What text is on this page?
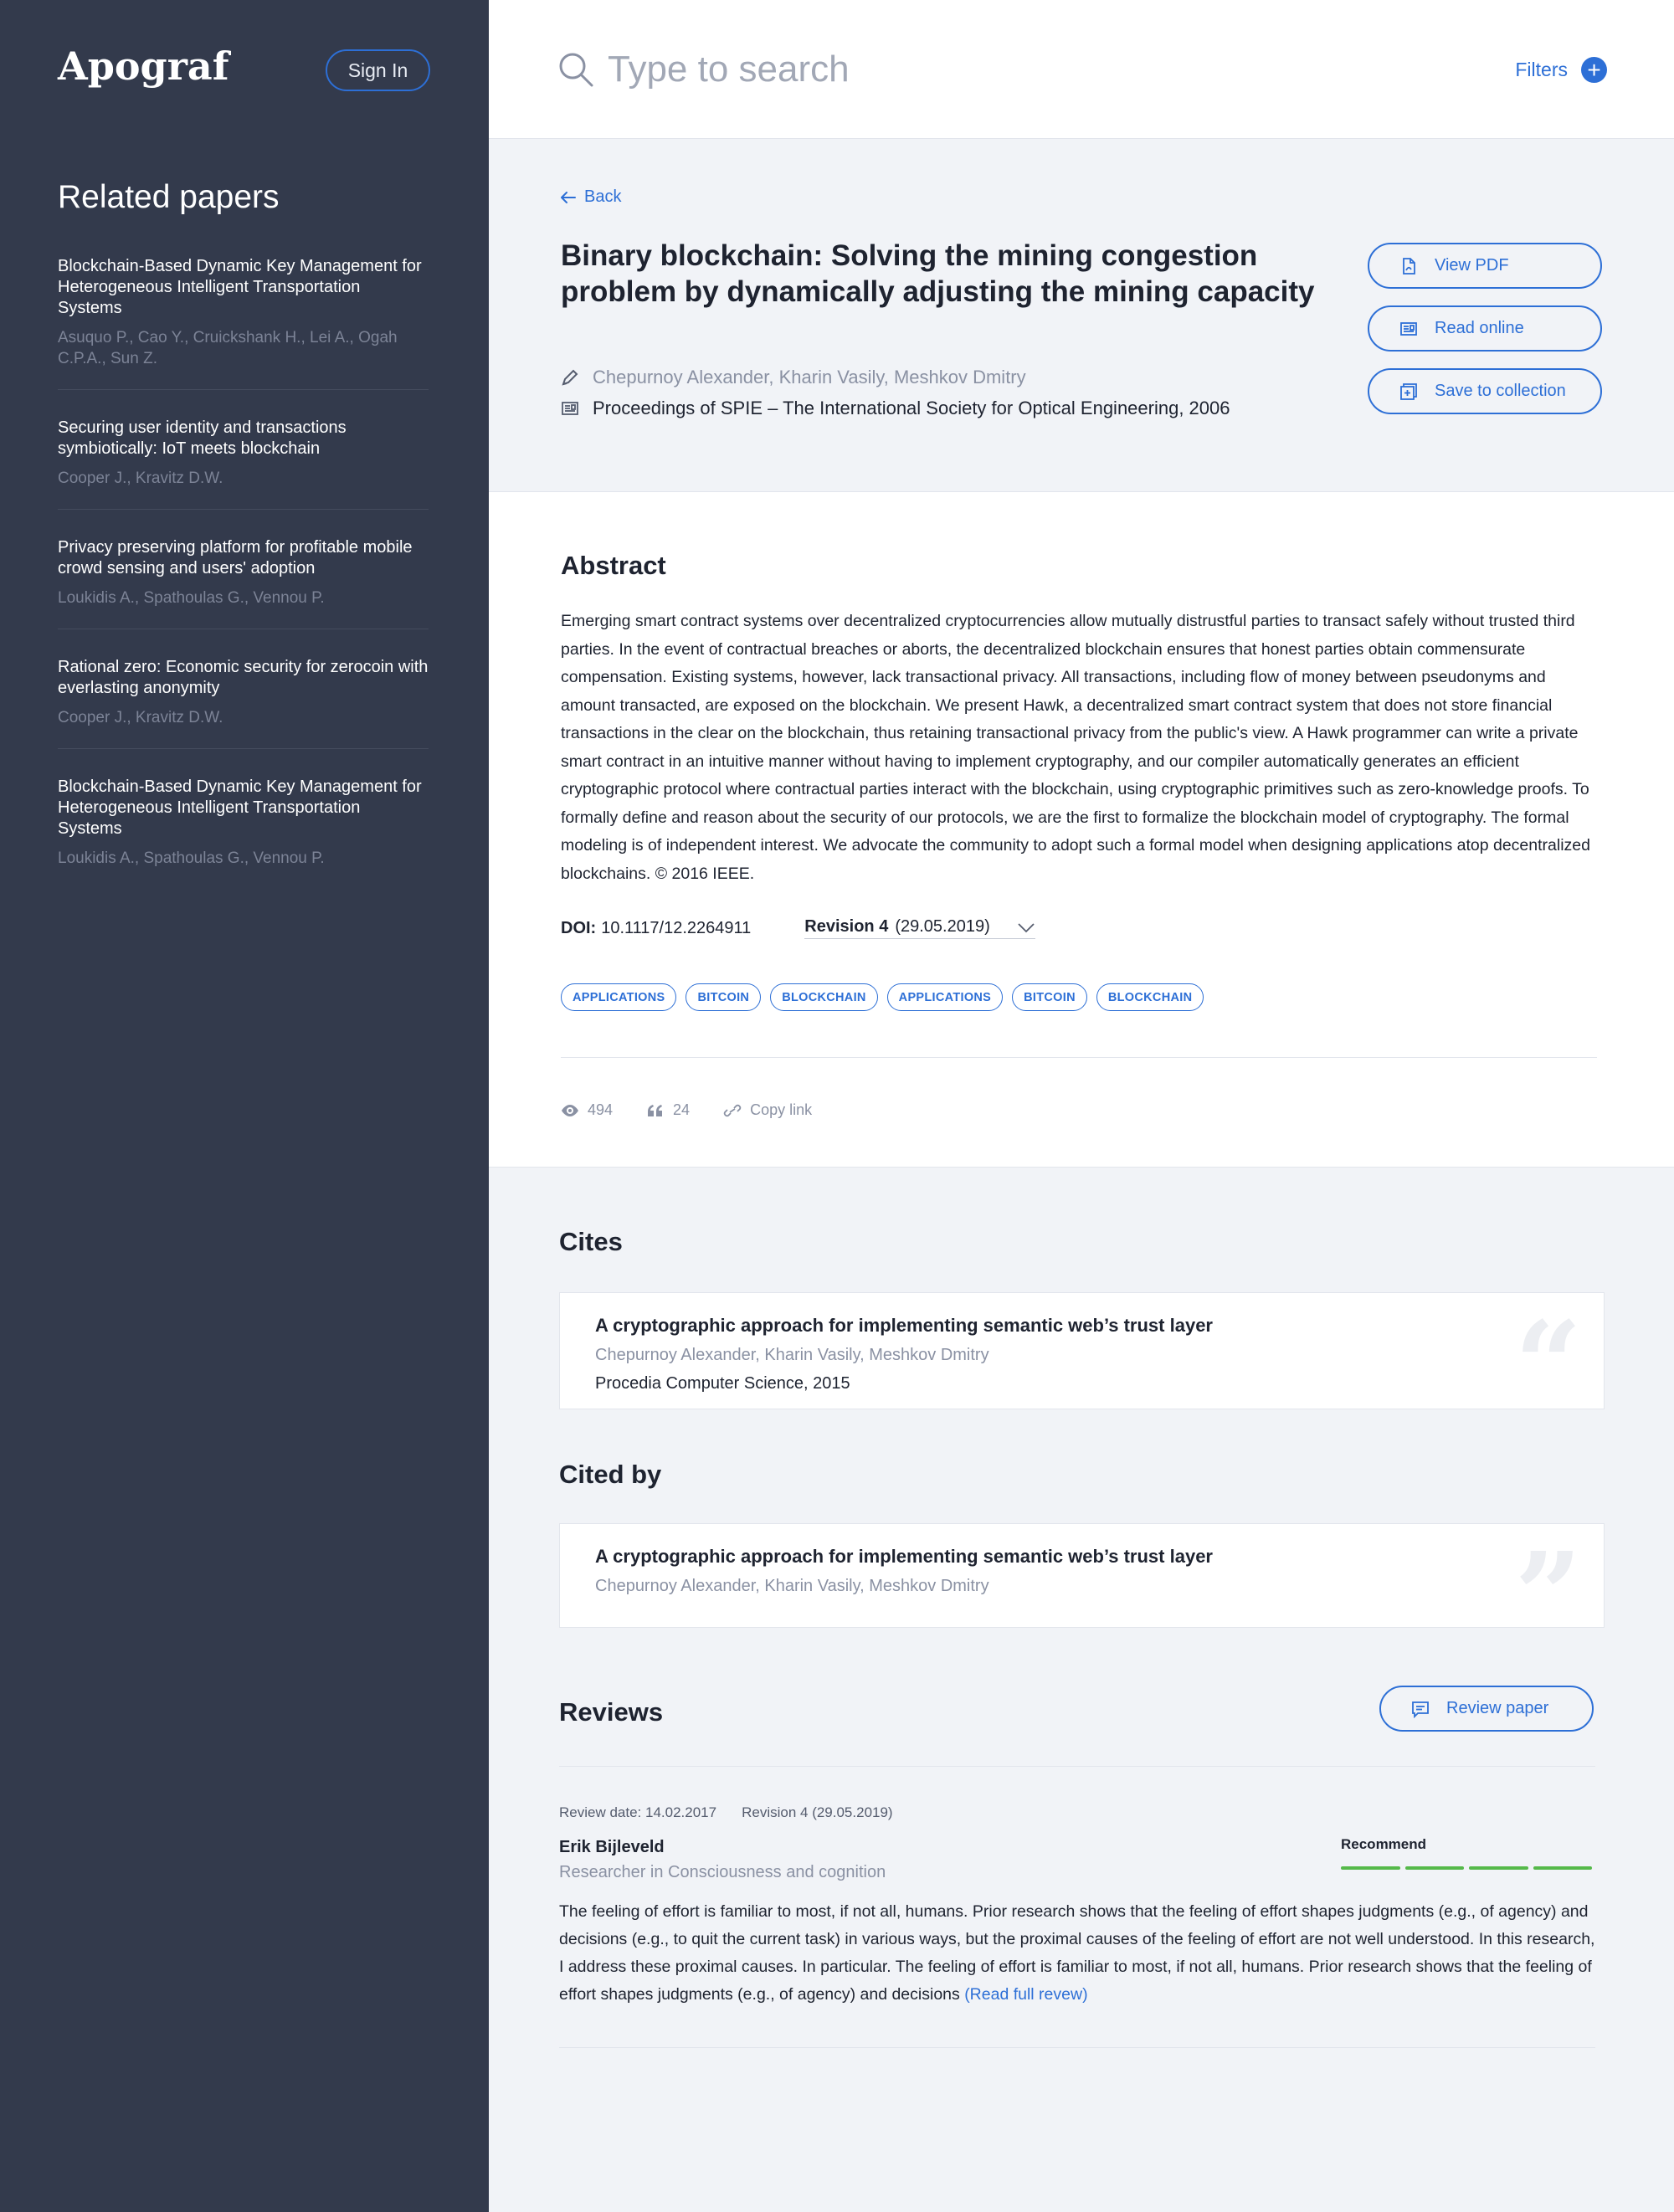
Apograf	Sign In
Related papers
Blockchain-Based Dynamic Key Management for Heterogeneous Intelligent Transportation Systems
Asuquo P., Cao Y., Cruickshank H., Lei A., Ogah C.P.A., Sun Z.
Securing user identity and transactions symbiotically: IoT meets blockchain
Cooper J., Kravitz D.W.
Privacy preserving platform for profitable mobile crowd sensing and users' adoption
Loukidis A., Spathoulas G., Vennou P.
Rational zero: Economic security for zerocoin with everlasting anonymity
Cooper J., Kravitz D.W.
Blockchain-Based Dynamic Key Management for Heterogeneous Intelligent Transportation Systems
Loukidis A., Spathoulas G., Vennou P.
Type to search
Filters +
Back
Binary blockchain: Solving the mining congestion problem by dynamically adjusting the mining capacity
Chepurnoy Alexander, Kharin Vasily, Meshkov Dmitry
Proceedings of SPIE – The International Society for Optical Engineering, 2006
View PDF
Read online
Save to collection
Abstract

Emerging smart contract systems over decentralized cryptocurrencies allow mutually distrustful parties to transact safely without trusted third parties. In the event of contractual breaches or aborts, the decentralized blockchain ensures that honest parties obtain commensurate compensation. Existing systems, however, lack transactional privacy. All transactions, including flow of money between pseudonyms and amount transacted, are exposed on the blockchain. We present Hawk, a decentralized smart contract system that does not store financial transactions in the clear on the blockchain, thus retaining transactional privacy from the public's view. A Hawk programmer can write a private smart contract in an intuitive manner without having to implement cryptography, and our compiler automatically generates an efficient cryptographic protocol where contractual parties interact with the blockchain, using cryptographic primitives such as zero-knowledge proofs. To formally define and reason about the security of our protocols, we are the first to formalize the blockchain model of cryptography. The formal modeling is of independent interest. We advocate the community to adopt such a formal model when designing applications atop decentralized blockchains. © 2016 IEEE.

DOI: 10.1117/12.2264911	Revision 4 (29.05.2019)
APPLICATIONS	BITCOIN	BLOCKCHAIN	APPLICATIONS	BITCOIN	BLOCKCHAIN
494	24	Copy link
Cites
A cryptographic approach for implementing semantic web’s trust layer
Chepurnoy Alexander, Kharin Vasily, Meshkov Dmitry
Procedia Computer Science, 2015	“
Cited by
A cryptographic approach for implementing semantic web’s trust layer
Chepurnoy Alexander, Kharin Vasily, Meshkov Dmitry	”
Reviews	Review paper
Review date: 14.02.2017 Revision 4 (29.05.2019)
Erik Bijleveld
Researcher in Consciousness and cognition
Recommend

The feeling of effort is familiar to most, if not all, humans. Prior research shows that the feeling of effort shapes judgments (e.g., of agency) and decisions (e.g., to quit the current task) in various ways, but the proximal causes of the feeling of effort are not well understood. In this research, I address these proximal causes. In particular. The feeling of effort is familiar to most, if not all, humans. Prior research shows that the feeling of effort shapes judgments (e.g., of agency) and decisions (Read full revew)
